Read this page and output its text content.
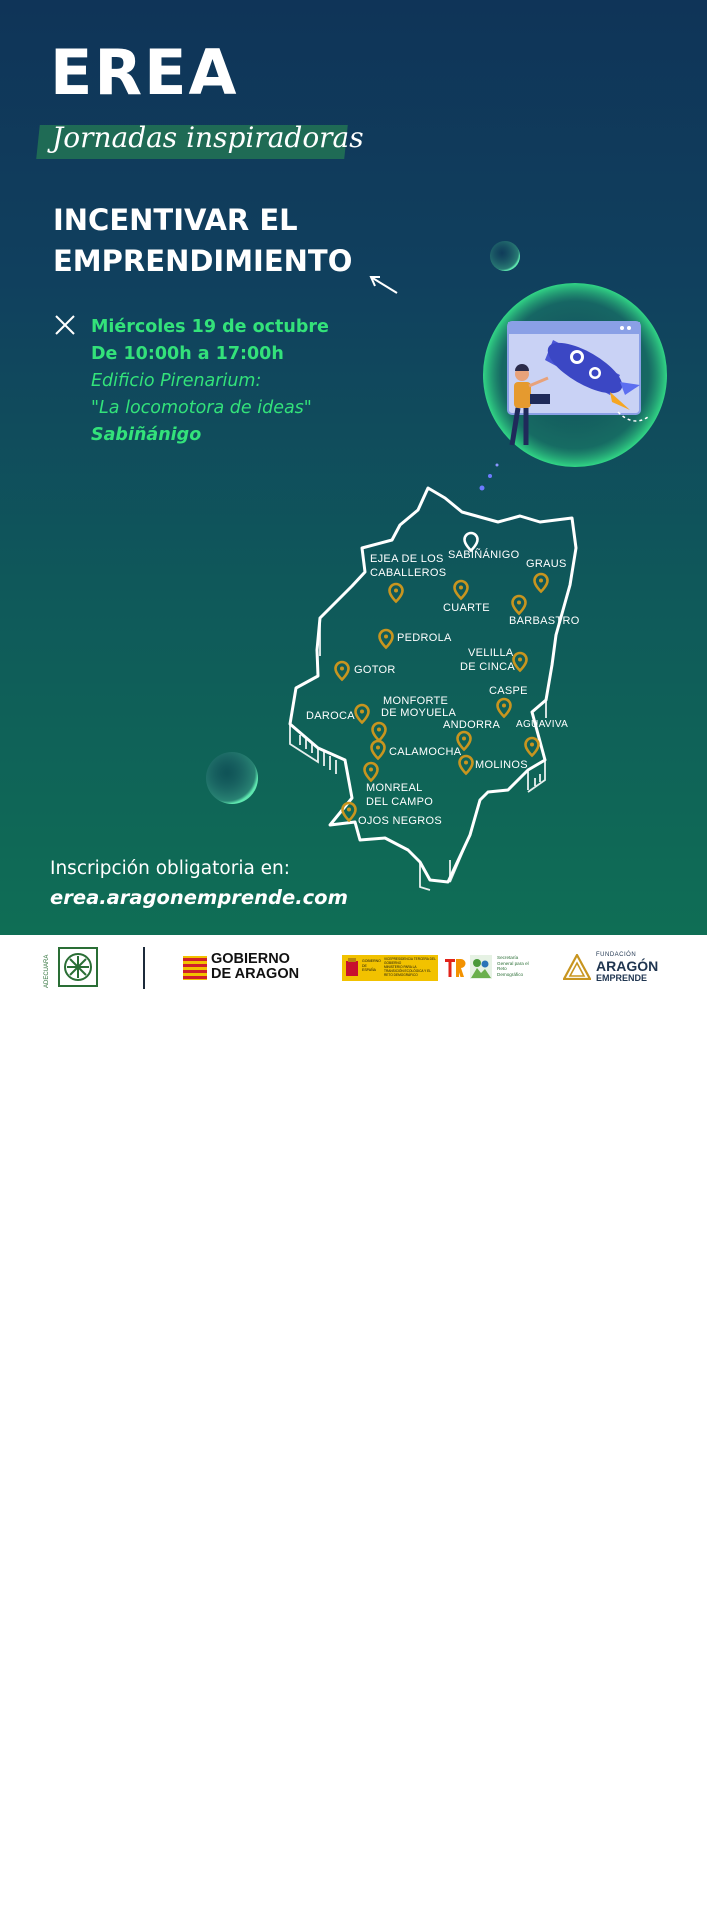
EREA
Jornadas inspiradoras
INCENTIVAR EL
EMPRENDIMIENTO
Miércoles 19 de octubre
De 10:00h a 17:00h
Edificio Pirenarium:
"La locomotora de ideas"
Sabiñánigo
SABIÑÁNIGO
GRAUS
EJEA DE LOS
CABALLEROS
CUARTE
BARBASTRO
PEDROLA
VELILLA
DE CINCA
GOTOR
MONFORTE
DE MOYUELA
CASPE
DAROCA
ANDORRA AGUAVIVA
CALAMOCHA
MOLINOS
MONREAL
DEL CAMPO
OJOS NEGROS
Inscripción obligatoria en:
erea.aragonemprende.com
ADECUARA	GOBIERNO
DE ARAGON
GOBIERNO DE ESPAÑA
VICEPRESIDENCIA TERCERA DEL GOBIERNO
MINISTERIO PARA LA TRANSICIÓN ECOLÓGICA Y EL RETO DEMOGRÁFICO
Secretaría General para el Reto Demográfico
FUNDACIÓN
ARAGÓN
EMPRENDE
